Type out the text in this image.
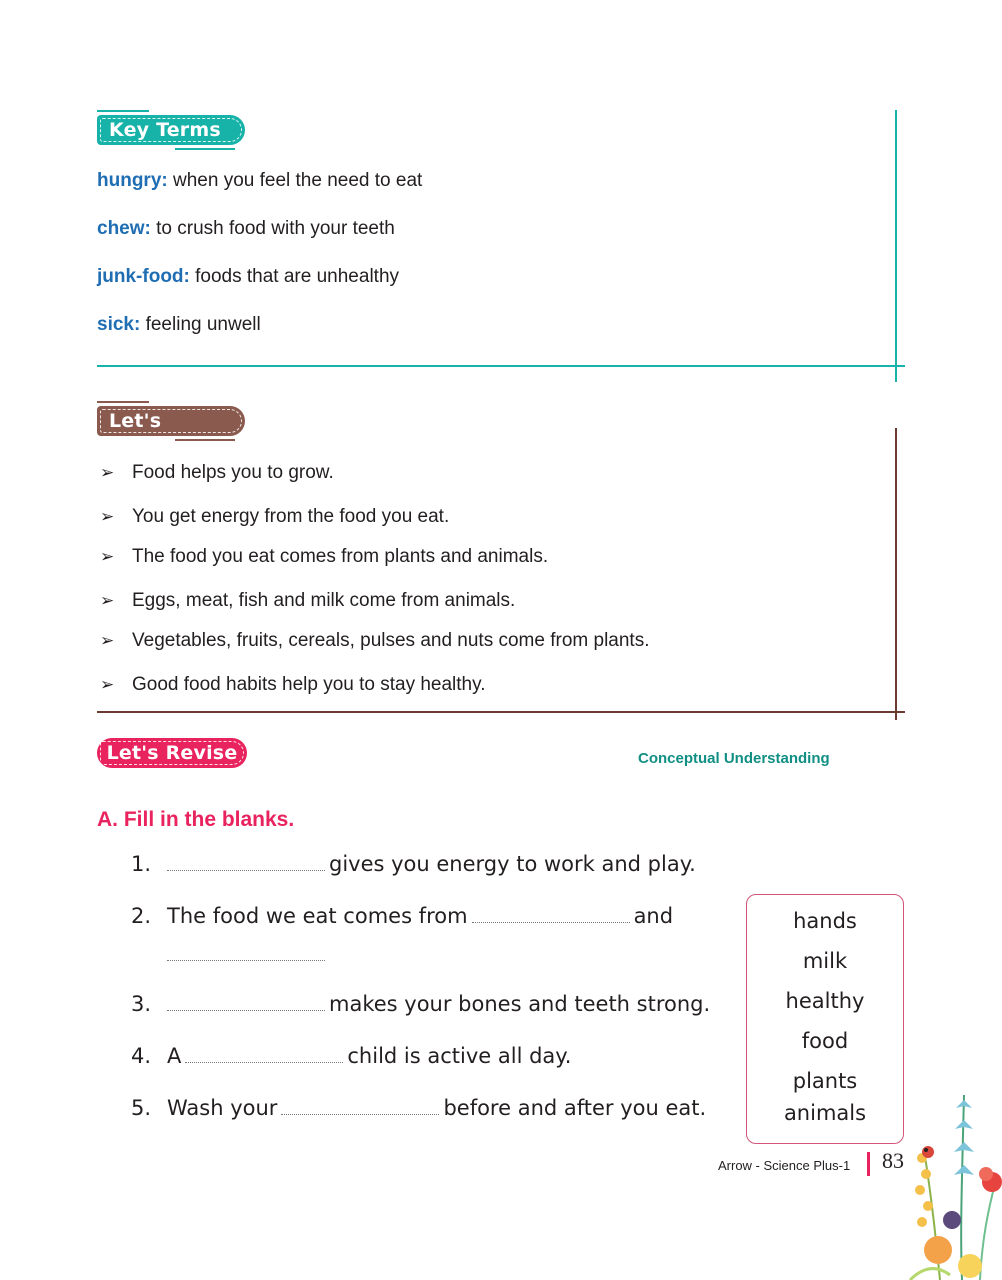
Key Terms
hungry: when you feel the need to eat
chew: to crush food with your teeth
junk-food: foods that are unhealthy
sick: feeling unwell
Let's Recall
➢ Food helps you to grow.
➢ You get energy from the food you eat.
➢ The food you eat comes from plants and animals.
➢ Eggs, meat, fish and milk come from animals.
➢ Vegetables, fruits, cereals, pulses and nuts come from plants.
➢ Good food habits help you to stay healthy.
Let's Revise	Conceptual Understanding
A. Fill in the blanks.
1.	gives you energy to work and play.
2. The food we eat comes from	and
3.	makes your bones and teeth strong.
4. A	child is active all day.
5. Wash your	before and after you eat.
hands
milk
healthy
food
plants
animals
Arrow - Science Plus-1 83
